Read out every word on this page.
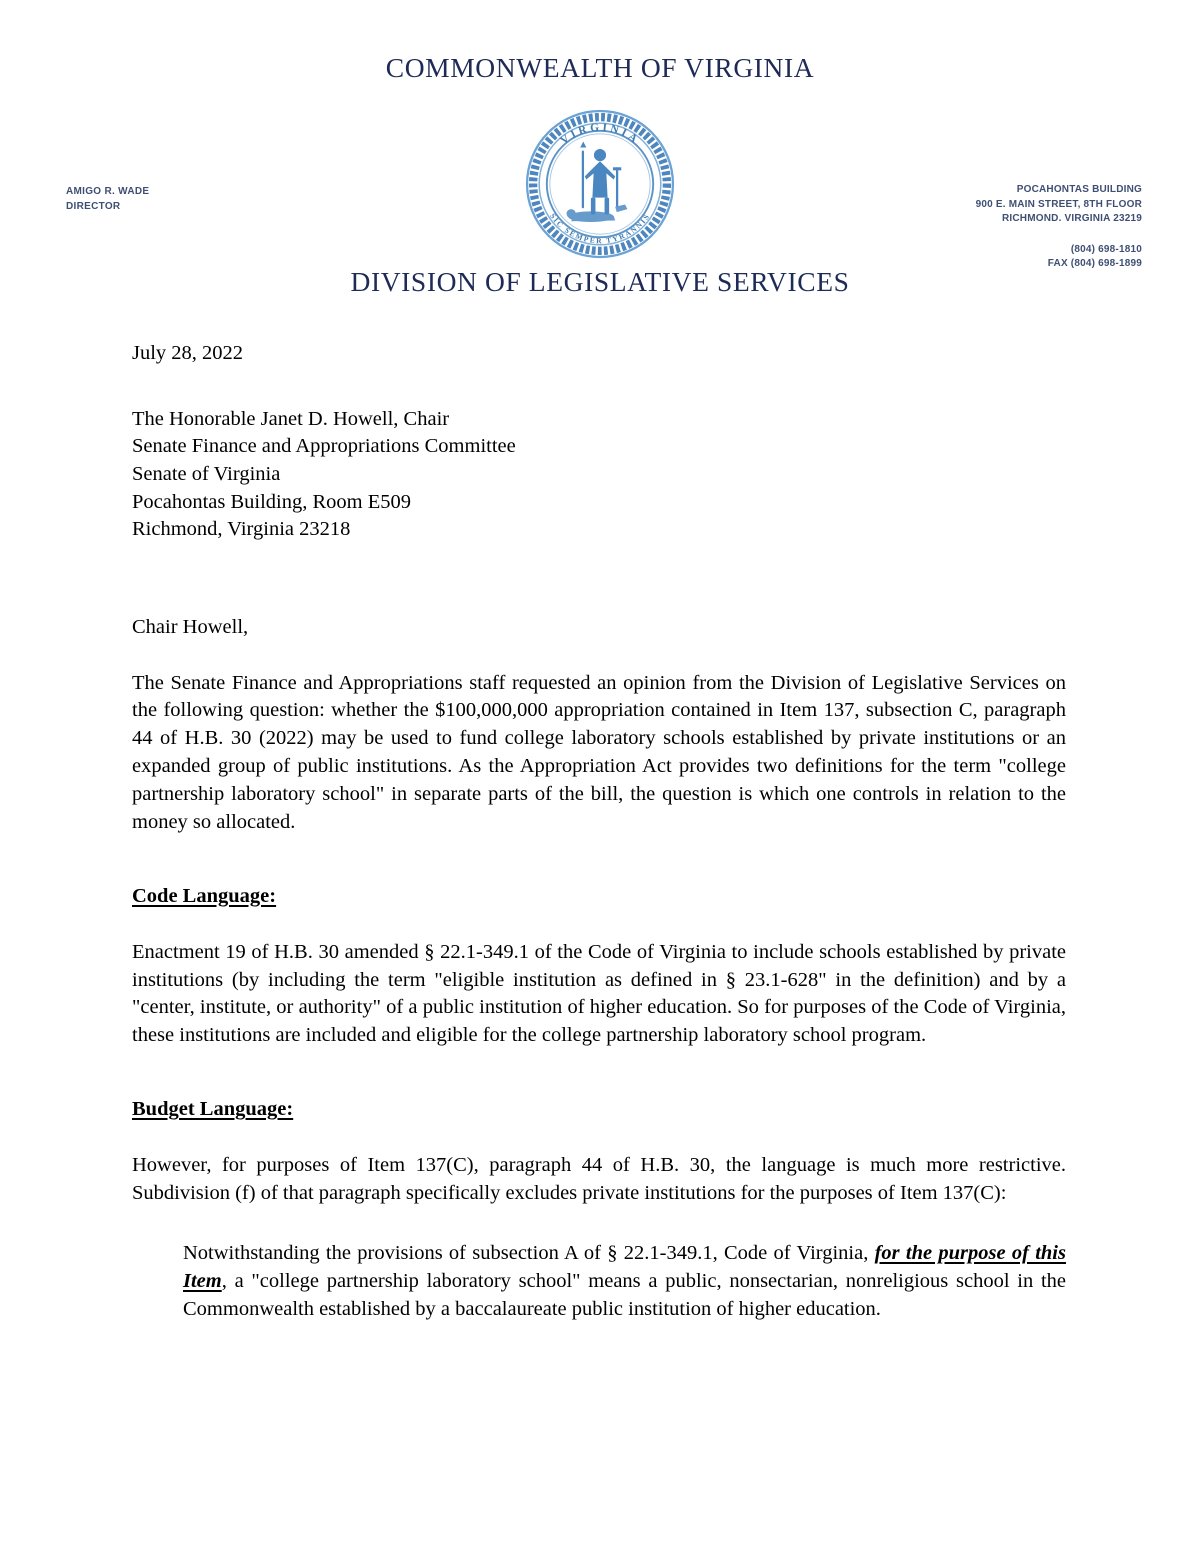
COMMONWEALTH OF VIRGINIA
VIRGINIA
SIC SEMPER TYRANNIS
AMIGO R. WADE
DIRECTOR
POCAHONTAS BUILDING
900 E. MAIN STREET, 8TH FLOOR
RICHMOND. VIRGINIA 23219
(804) 698-1810
FAX (804) 698-1899
DIVISION OF LEGISLATIVE SERVICES
July 28, 2022
The Honorable Janet D. Howell, Chair
Senate Finance and Appropriations Committee
Senate of Virginia
Pocahontas Building, Room E509
Richmond, Virginia 23218
Chair Howell,

The Senate Finance and Appropriations staff requested an opinion from the Division of Legislative Services on the following question: whether the $100,000,000 appropriation contained in Item 137, subsection C, paragraph 44 of H.B. 30 (2022) may be used to fund college laboratory schools established by private institutions or an expanded group of public institutions. As the Appropriation Act provides two definitions for the term "college partnership laboratory school" in separate parts of the bill, the question is which one controls in relation to the money so allocated.

Code Language:

Enactment 19 of H.B. 30 amended § 22.1-349.1 of the Code of Virginia to include schools established by private institutions (by including the term "eligible institution as defined in § 23.1-628" in the definition) and by a "center, institute, or authority" of a public institution of higher education. So for purposes of the Code of Virginia, these institutions are included and eligible for the college partnership laboratory school program.

Budget Language:

However, for purposes of Item 137(C), paragraph 44 of H.B. 30, the language is much more restrictive. Subdivision (f) of that paragraph specifically excludes private institutions for the purposes of Item 137(C):

Notwithstanding the provisions of subsection A of § 22.1-349.1, Code of Virginia, for the purpose of this Item, a "college partnership laboratory school" means a public, nonsectarian, nonreligious school in the Commonwealth established by a baccalaureate public institution of higher education.
